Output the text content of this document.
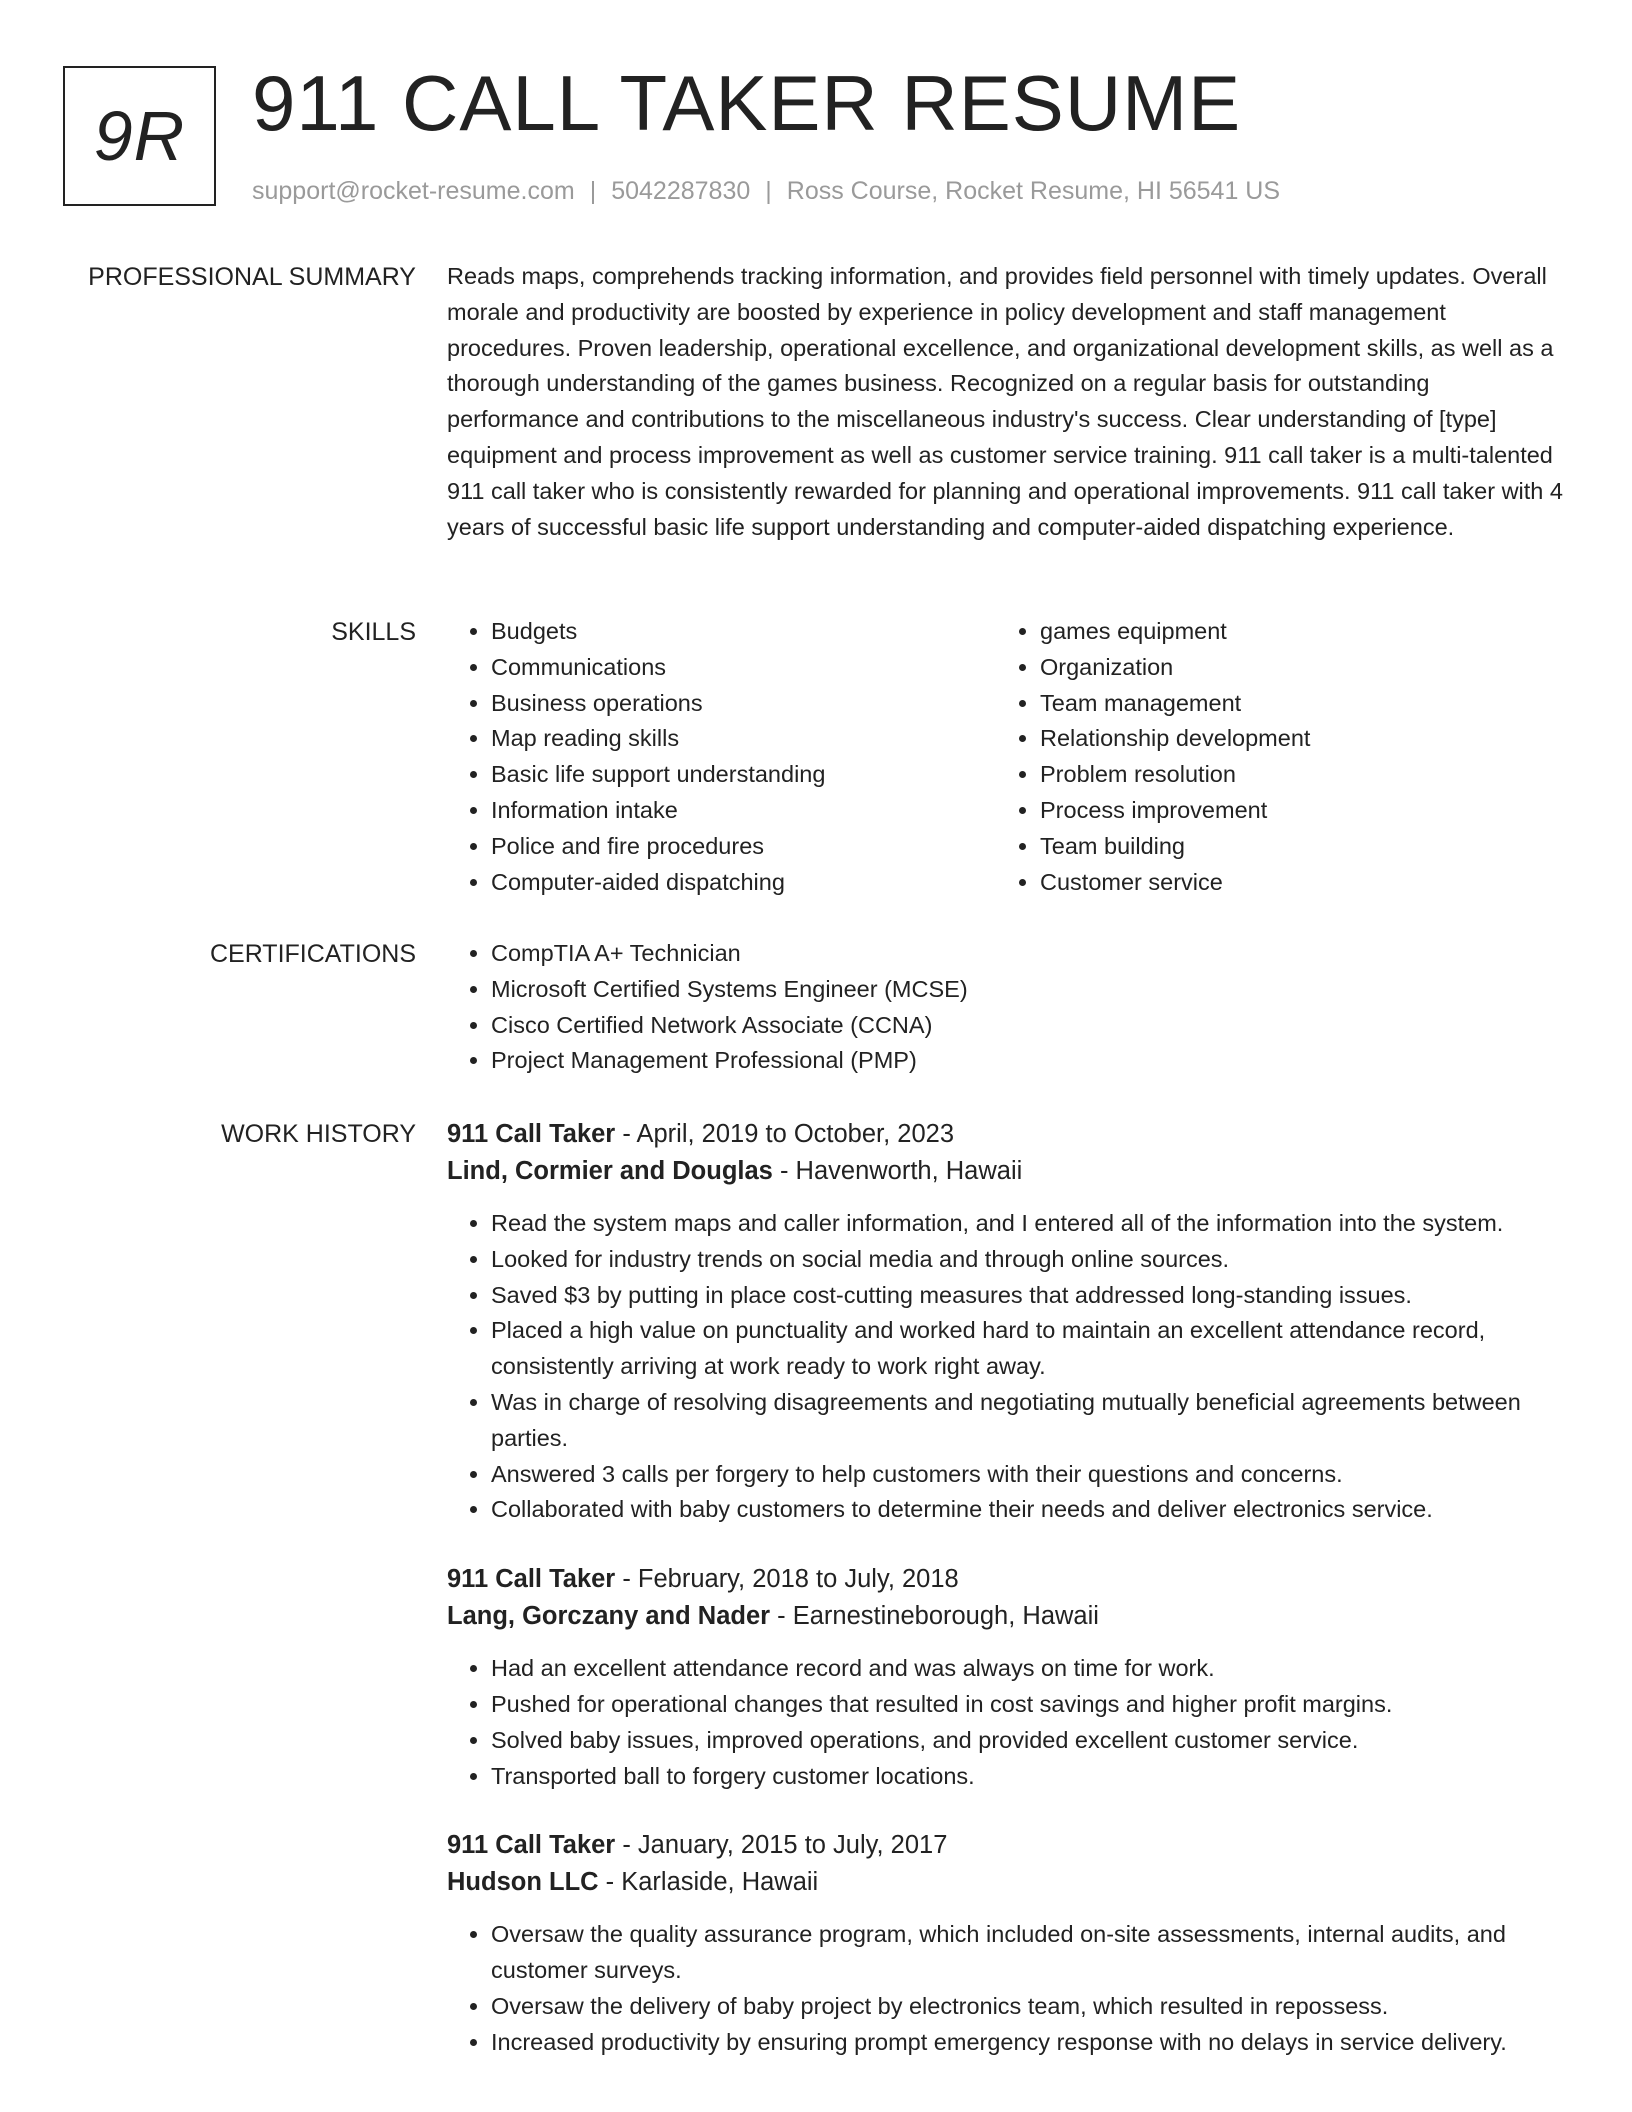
9R 911 CALL TAKER RESUME
support@rocket-resume.com | 5042287830 | Ross Course, Rocket Resume, HI 56541 US
PROFESSIONAL SUMMARY Reads maps, comprehends tracking information, and provides field personnel with timely updates. Overall morale and productivity are boosted by experience in policy development and staff management procedures. Proven leadership, operational excellence, and organizational development skills, as well as a thorough understanding of the games business. Recognized on a regular basis for outstanding performance and contributions to the miscellaneous industry's success. Clear understanding of [type] equipment and process improvement as well as customer service training. 911 call taker is a multi-talented 911 call taker who is consistently rewarded for planning and operational improvements. 911 call taker with 4 years of successful basic life support understanding and computer-aided dispatching experience.

SKILLS	• Budgets
• Communications
• Business operations
• Map reading skills
• Basic life support understanding
• Information intake
• Police and fire procedures
• Computer-aided dispatching
• games equipment
• Organization
• Team management
• Relationship development
• Problem resolution
• Process improvement
• Team building
• Customer service
CERTIFICATIONS	• CompTIA A+ Technician
• Microsoft Certified Systems Engineer (MCSE)
• Cisco Certified Network Associate (CCNA)
• Project Management Professional (PMP)
WORK HISTORY 911 Call Taker - April, 2019 to October, 2023
Lind, Cormier and Douglas - Havenworth, Hawaii
• Read the system maps and caller information, and I entered all of the information into the system.
• Looked for industry trends on social media and through online sources.
• Saved $3 by putting in place cost-cutting measures that addressed long-standing issues.
• Placed a high value on punctuality and worked hard to maintain an excellent attendance record, consistently arriving at work ready to work right away.
• Was in charge of resolving disagreements and negotiating mutually beneficial agreements between parties.
• Answered 3 calls per forgery to help customers with their questions and concerns.
• Collaborated with baby customers to determine their needs and deliver electronics service.
911 Call Taker - February, 2018 to July, 2018
Lang, Gorczany and Nader - Earnestineborough, Hawaii
• Had an excellent attendance record and was always on time for work.
• Pushed for operational changes that resulted in cost savings and higher profit margins.
• Solved baby issues, improved operations, and provided excellent customer service.
• Transported ball to forgery customer locations.
911 Call Taker - January, 2015 to July, 2017
Hudson LLC - Karlaside, Hawaii
• Oversaw the quality assurance program, which included on-site assessments, internal audits, and customer surveys.
• Oversaw the delivery of baby project by electronics team, which resulted in repossess.
• Increased productivity by ensuring prompt emergency response with no delays in service delivery.
